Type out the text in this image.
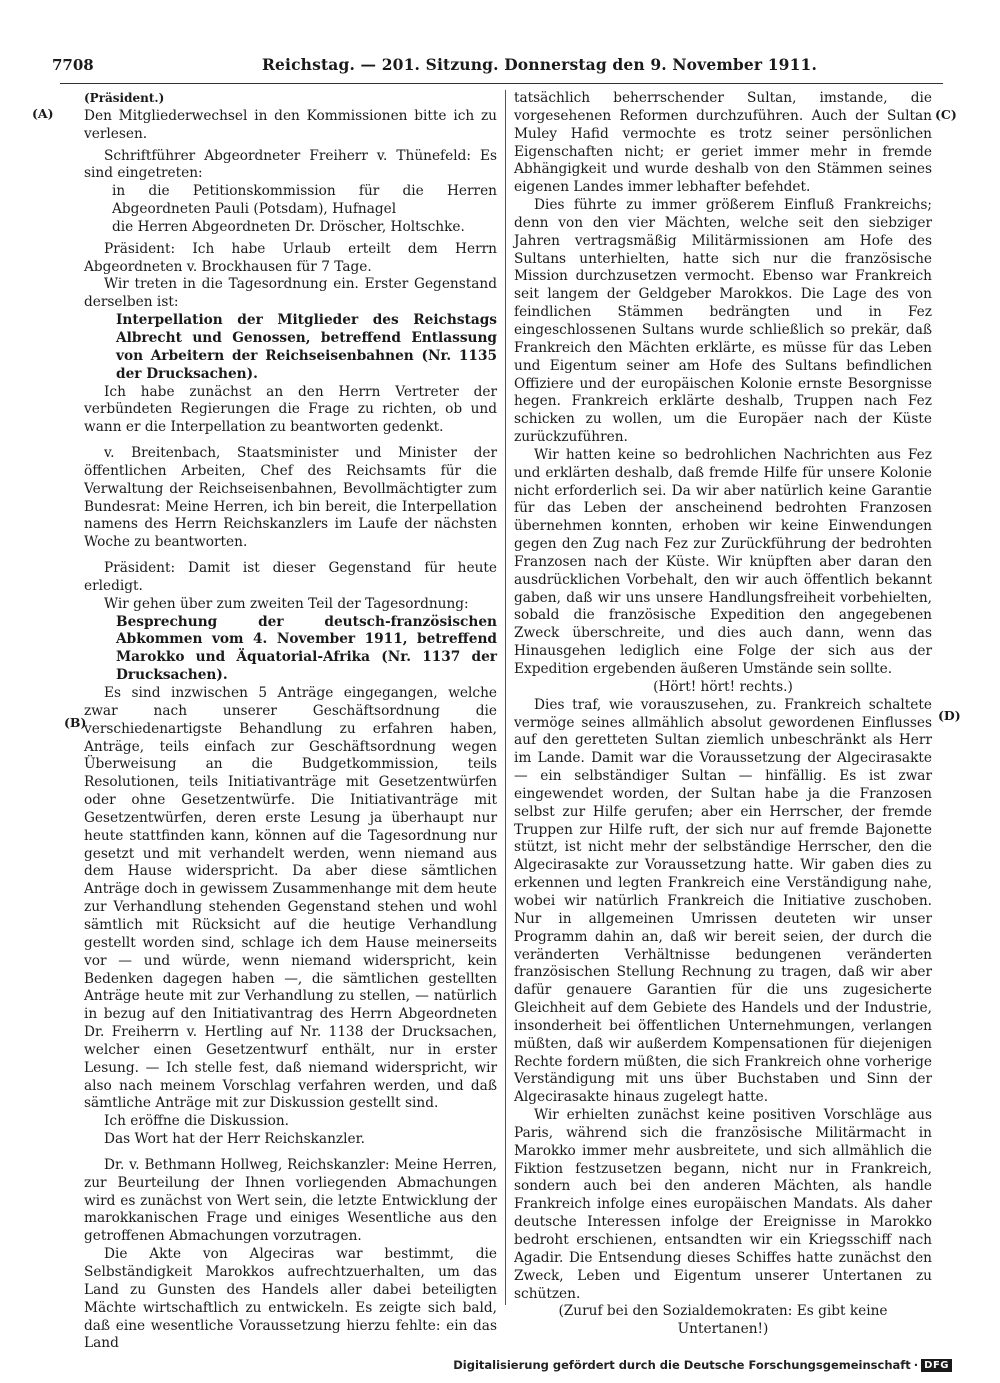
7708	Reichstag. — 201. Sitzung. Donnerstag den 9. November 1911.
(A)
(B)
(C)
(D)

(Präsident.)

Den Mitgliederwechsel in den Kommissionen bitte ich zu verlesen.

Schriftführer Abgeordneter Freiherr v. Thünefeld: Es sind eingetreten:

in die Petitionskommission für die Herren Abgeordneten Pauli (Potsdam), Hufnagel

die Herren Abgeordneten Dr. Dröscher, Holtschke.

Präsident: Ich habe Urlaub erteilt dem Herrn Abgeordneten v. Brockhausen für 7 Tage.

Wir treten in die Tagesordnung ein. Erster Gegenstand derselben ist:

Interpellation der Mitglieder des Reichstags Albrecht und Genossen, betreffend Entlassung von Arbeitern der Reichseisenbahnen (Nr. 1135 der Drucksachen).

Ich habe zunächst an den Herrn Vertreter der verbündeten Regierungen die Frage zu richten, ob und wann er die Interpellation zu beantworten gedenkt.

v. Breitenbach, Staatsminister und Minister der öffentlichen Arbeiten, Chef des Reichsamts für die Verwaltung der Reichseisenbahnen, Bevollmächtigter zum Bundesrat: Meine Herren, ich bin bereit, die Interpellation namens des Herrn Reichskanzlers im Laufe der nächsten Woche zu beantworten.

Präsident: Damit ist dieser Gegenstand für heute erledigt.

Wir gehen über zum zweiten Teil der Tagesordnung:

Besprechung der deutsch-französischen Abkommen vom 4. November 1911, betreffend Marokko und Äquatorial-Afrika (Nr. 1137 der Drucksachen).

Es sind inzwischen 5 Anträge eingegangen, welche zwar nach unserer Geschäftsordnung die verschiedenartigste Behandlung zu erfahren haben, Anträge, teils einfach zur Geschäftsordnung wegen Überweisung an die Budgetkommission, teils Resolutionen, teils Initiativanträge mit Gesetzentwürfen oder ohne Gesetzentwürfe. Die Initiativanträge mit Gesetzentwürfen, deren erste Lesung ja überhaupt nur heute stattfinden kann, können auf die Tagesordnung nur gesetzt und mit verhandelt werden, wenn niemand aus dem Hause widerspricht. Da aber diese sämtlichen Anträge doch in gewissem Zusammenhange mit dem heute zur Verhandlung stehenden Gegenstand stehen und wohl sämtlich mit Rücksicht auf die heutige Verhandlung gestellt worden sind, schlage ich dem Hause meinerseits vor — und würde, wenn niemand widerspricht, kein Bedenken dagegen haben —, die sämtlichen gestellten Anträge heute mit zur Verhandlung zu stellen, — natürlich in bezug auf den Initiativantrag des Herrn Abgeordneten Dr. Freiherrn v. Hertling auf Nr. 1138 der Drucksachen, welcher einen Gesetzentwurf enthält, nur in erster Lesung. — Ich stelle fest, daß niemand widerspricht, wir also nach meinem Vorschlag verfahren werden, und daß sämtliche Anträge mit zur Diskussion gestellt sind.

Ich eröffne die Diskussion.

Das Wort hat der Herr Reichskanzler.

Dr. v. Bethmann Hollweg, Reichskanzler: Meine Herren, zur Beurteilung der Ihnen vorliegenden Abmachungen wird es zunächst von Wert sein, die letzte Entwicklung der marokkanischen Frage und einiges Wesentliche aus den getroffenen Abmachungen vorzutragen.

Die Akte von Algeciras war bestimmt, die Selbständigkeit Marokkos aufrechtzuerhalten, um das Land zu Gunsten des Handels aller dabei beteiligten Mächte wirtschaftlich zu entwickeln. Es zeigte sich bald, daß eine wesentliche Voraussetzung hierzu fehlte: ein das Land

tatsächlich beherrschender Sultan, imstande, die vorgesehenen Reformen durchzuführen. Auch der Sultan Muley Hafid vermochte es trotz seiner persönlichen Eigenschaften nicht; er geriet immer mehr in fremde Abhängigkeit und wurde deshalb von den Stämmen seines eigenen Landes immer lebhafter befehdet.

Dies führte zu immer größerem Einfluß Frankreichs; denn von den vier Mächten, welche seit den siebziger Jahren vertragsmäßig Militärmissionen am Hofe des Sultans unterhielten, hatte sich nur die französische Mission durchzusetzen vermocht. Ebenso war Frankreich seit langem der Geldgeber Marokkos. Die Lage des von feindlichen Stämmen bedrängten und in Fez eingeschlossenen Sultans wurde schließlich so prekär, daß Frankreich den Mächten erklärte, es müsse für das Leben und Eigentum seiner am Hofe des Sultans befindlichen Offiziere und der europäischen Kolonie ernste Besorgnisse hegen. Frankreich erklärte deshalb, Truppen nach Fez schicken zu wollen, um die Europäer nach der Küste zurückzuführen.

Wir hatten keine so bedrohlichen Nachrichten aus Fez und erklärten deshalb, daß fremde Hilfe für unsere Kolonie nicht erforderlich sei. Da wir aber natürlich keine Garantie für das Leben der anscheinend bedrohten Franzosen übernehmen konnten, erhoben wir keine Einwendungen gegen den Zug nach Fez zur Zurückführung der bedrohten Franzosen nach der Küste. Wir knüpften aber daran den ausdrücklichen Vorbehalt, den wir auch öffentlich bekannt gaben, daß wir uns unsere Handlungsfreiheit vorbehielten, sobald die französische Expedition den angegebenen Zweck überschreite, und dies auch dann, wenn das Hinausgehen lediglich eine Folge der sich aus der Expedition ergebenden äußeren Umstände sein sollte.

(Hört! hört! rechts.)

Dies traf, wie vorauszusehen, zu. Frankreich schaltete vermöge seines allmählich absolut gewordenen Einflusses auf den geretteten Sultan ziemlich unbeschränkt als Herr im Lande. Damit war die Voraussetzung der Algecirasakte — ein selbständiger Sultan — hinfällig. Es ist zwar eingewendet worden, der Sultan habe ja die Franzosen selbst zur Hilfe gerufen; aber ein Herrscher, der fremde Truppen zur Hilfe ruft, der sich nur auf fremde Bajonette stützt, ist nicht mehr der selbständige Herrscher, den die Algecirasakte zur Voraussetzung hatte. Wir gaben dies zu erkennen und legten Frankreich eine Verständigung nahe, wobei wir natürlich Frankreich die Initiative zuschoben. Nur in allgemeinen Umrissen deuteten wir unser Programm dahin an, daß wir bereit seien, der durch die veränderten Verhältnisse bedungenen veränderten französischen Stellung Rechnung zu tragen, daß wir aber dafür genauere Garantien für die uns zugesicherte Gleichheit auf dem Gebiete des Handels und der Industrie, insonderheit bei öffentlichen Unternehmungen, verlangen müßten, daß wir außerdem Kompensationen für diejenigen Rechte fordern müßten, die sich Frankreich ohne vorherige Verständigung mit uns über Buchstaben und Sinn der Algecirasakte hinaus zugelegt hatte.

Wir erhielten zunächst keine positiven Vorschläge aus Paris, während sich die französische Militärmacht in Marokko immer mehr ausbreitete, und sich allmählich die Fiktion festzusetzen begann, nicht nur in Frankreich, sondern auch bei den anderen Mächten, als handle Frankreich infolge eines europäischen Mandats. Als daher deutsche Interessen infolge der Ereignisse in Marokko bedroht erschienen, entsandten wir ein Kriegsschiff nach Agadir. Die Entsendung dieses Schiffes hatte zunächst den Zweck, Leben und Eigentum unserer Untertanen zu schützen.

(Zuruf bei den Sozialdemokraten: Es gibt keine Untertanen!)

Digitalisierung gefördert durch die Deutsche Forschungsgemeinschaft · DFG
